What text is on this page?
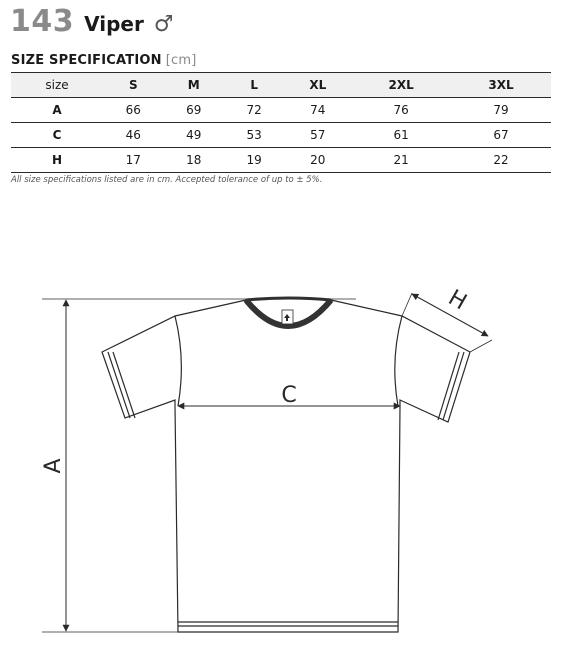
143 Viper ♂
SIZE SPECIFICATION [cm]
size	S	M	L	XL	2XL	3XL
A	66	69	72	74	76	79
C	46	49	53	57	61	67
H	17	18	19	20	21	22
All size specifications listed are in cm. Accepted tolerance of up to ± 5%.
A
C
H
